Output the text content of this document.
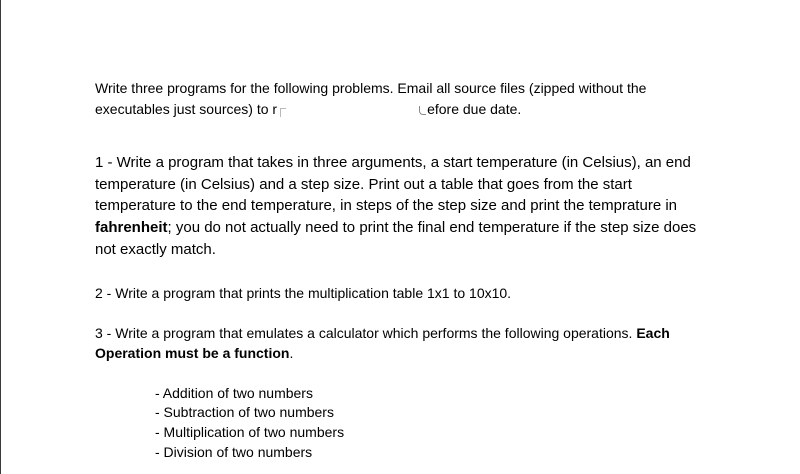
Write three programs for the following problems. Email all source files (zipped without the
executables just sources) to r	efore due date.

1 - Write a program that takes in three arguments, a start temperature (in Celsius), an end temperature (in Celsius) and a step size. Print out a table that goes from the start temperature to the end temperature, in steps of the step size and print the temprature in fahrenheit; you do not actually need to print the final end temperature if the step size does not exactly match.

2 - Write a program that prints the multiplication table 1x1 to 10x10.

3 - Write a program that emulates a calculator which performs the following operations. Each Operation must be a function.

- Addition of two numbers
- Subtraction of two numbers
- Multiplication of two numbers
- Division of two numbers
